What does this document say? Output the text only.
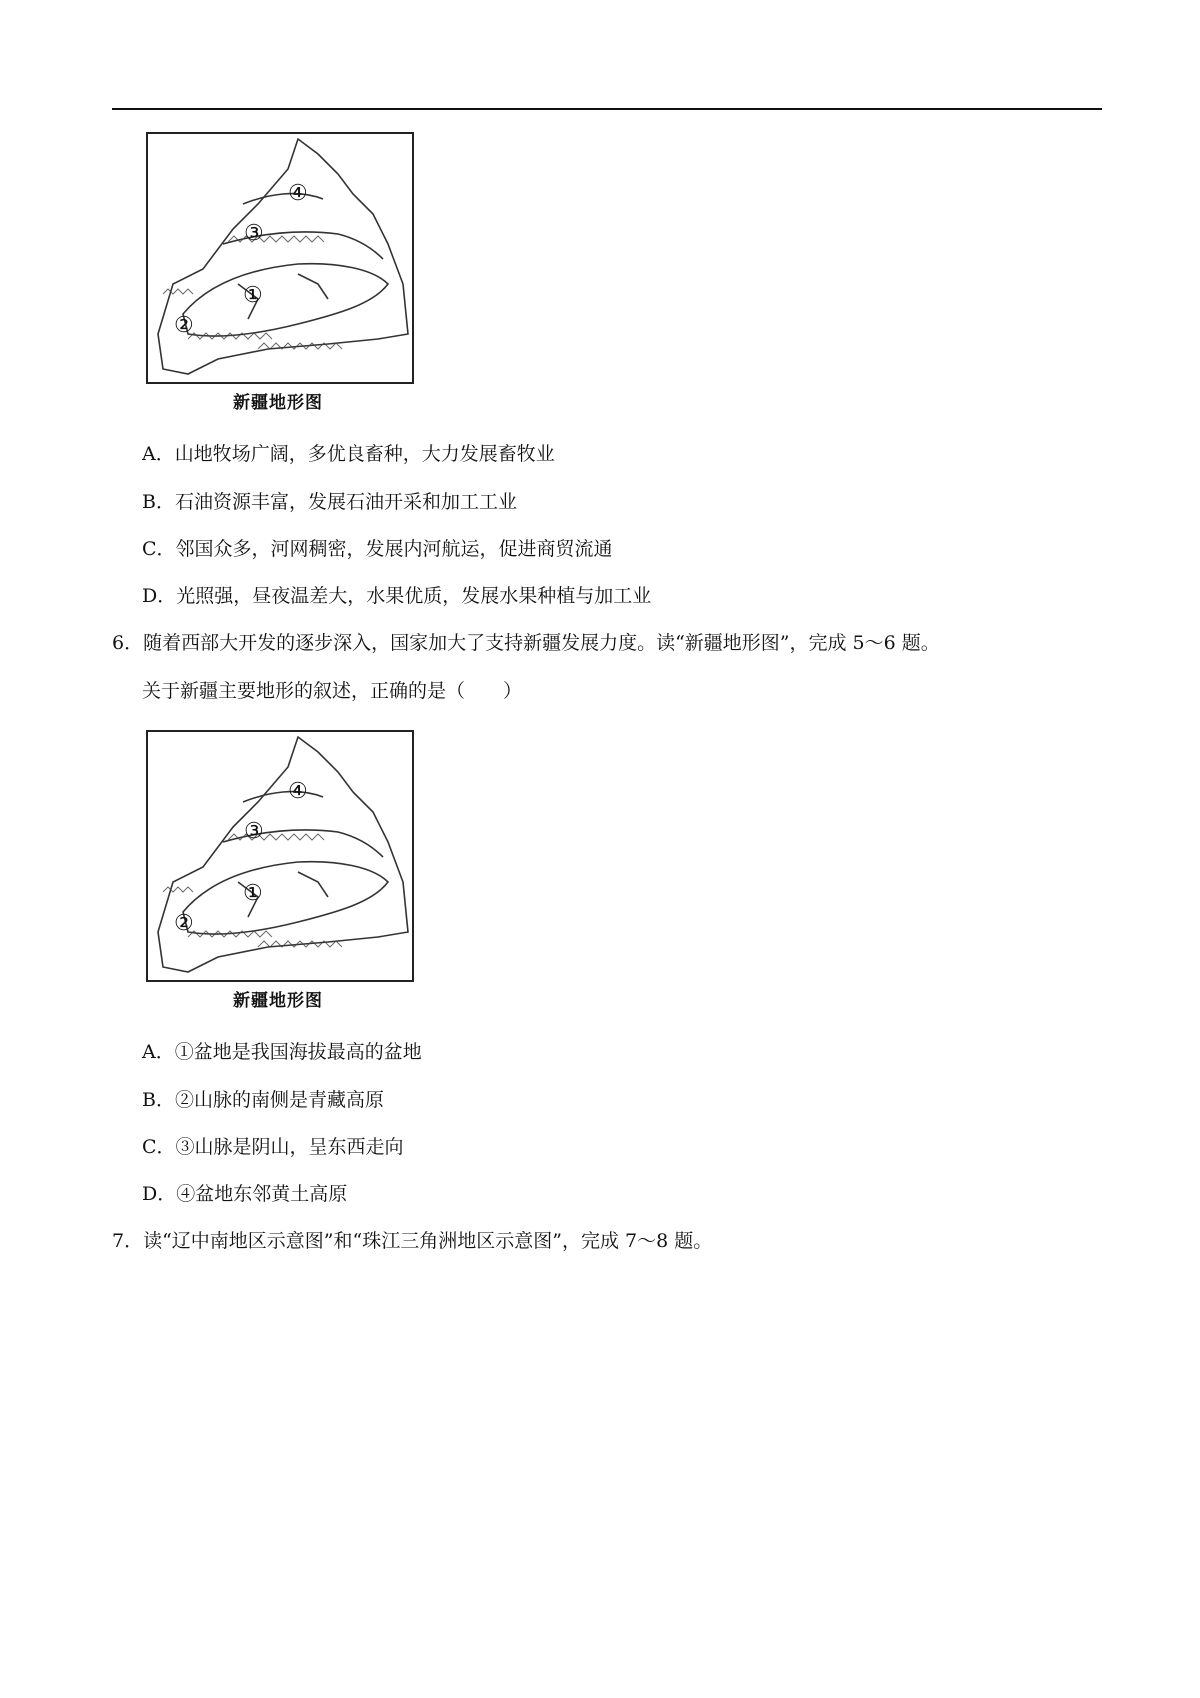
①
②
③
④
新疆地形图
A．山地牧场广阔，多优良畜种，大力发展畜牧业
B．石油资源丰富，发展石油开采和加工工业
C．邻国众多，河网稠密，发展内河航运，促进商贸流通
D．光照强，昼夜温差大，水果优质，发展水果种植与加工业
6．随着西部大开发的逐步深入，国家加大了支持新疆发展力度。读“新疆地形图”，完成 5～6 题。
关于新疆主要地形的叙述，正确的是（　　）
①
②
③
④
新疆地形图
A．①盆地是我国海拔最高的盆地
B．②山脉的南侧是青藏高原
C．③山脉是阴山，呈东西走向
D．④盆地东邻黄土高原
7．读“辽中南地区示意图”和“珠江三角洲地区示意图”，完成 7～8 题。
